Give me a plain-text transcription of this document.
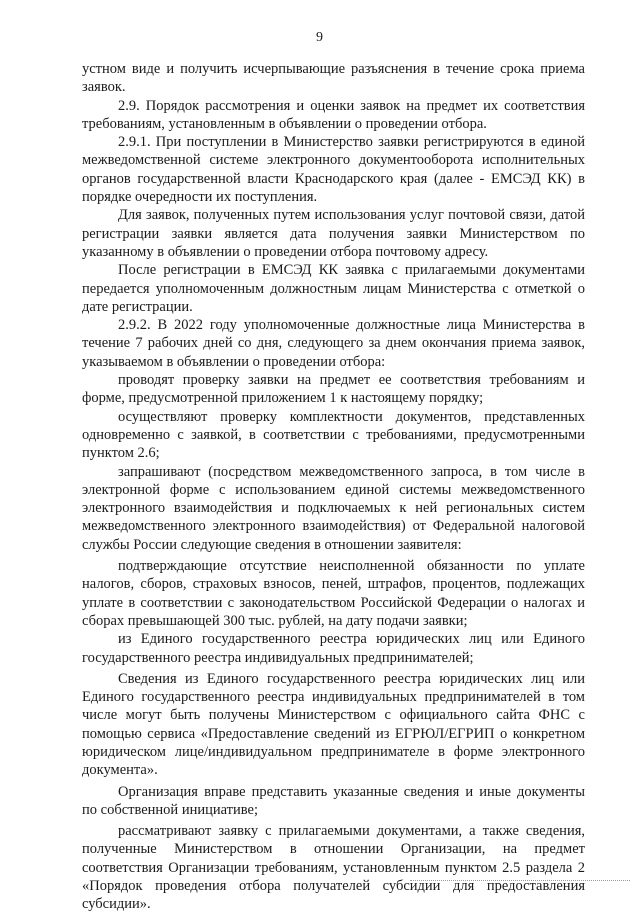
9

устном виде и получить исчерпывающие разъяснения в течение срока приема заявок.

2.9. Порядок рассмотрения и оценки заявок на предмет их соответствия требованиям, установленным в объявлении о проведении отбора.

2.9.1. При поступлении в Министерство заявки регистрируются в единой межведомственной системе электронного документооборота исполнительных органов государственной власти Краснодарского края (далее - ЕМСЭД КК) в порядке очередности их поступления.

Для заявок, полученных путем использования услуг почтовой связи, датой регистрации заявки является дата получения заявки Министерством по указанному в объявлении о проведении отбора почтовому адресу.

После регистрации в ЕМСЭД КК заявка с прилагаемыми документами передается уполномоченным должностным лицам Министерства с отметкой о дате регистрации.

2.9.2. В 2022 году уполномоченные должностные лица Министерства в течение 7 рабочих дней со дня, следующего за днем окончания приема заявок, указываемом в объявлении о проведении отбора:

проводят проверку заявки на предмет ее соответствия требованиям и форме, предусмотренной приложением 1 к настоящему порядку;

осуществляют проверку комплектности документов, представленных одновременно с заявкой, в соответствии с требованиями, предусмотренными пунктом 2.6;

запрашивают (посредством межведомственного запроса, в том числе в электронной форме с использованием единой системы межведомственного электронного взаимодействия и подключаемых к ней региональных систем межведомственного электронного взаимодействия) от Федеральной налоговой службы России следующие сведения в отношении заявителя:

подтверждающие отсутствие неисполненной обязанности по уплате налогов, сборов, страховых взносов, пеней, штрафов, процентов, подлежащих уплате в соответствии с законодательством Российской Федерации о налогах и сборах превышающей 300 тыс. рублей, на дату подачи заявки;

из Единого государственного реестра юридических лиц или Единого государственного реестра индивидуальных предпринимателей;

Сведения из Единого государственного реестра юридических лиц или Единого государственного реестра индивидуальных предпринимателей в том числе могут быть получены Министерством с официального сайта ФНС с помощью сервиса «Предоставление сведений из ЕГРЮЛ/ЕГРИП о конкретном юридическом лице/индивидуальном предпринимателе в форме электронного документа».

Организация вправе представить указанные сведения и иные документы по собственной инициативе;

рассматривают заявку с прилагаемыми документами, а также сведения, полученные Министерством в отношении Организации, на предмет соответствия Организации требованиям, установленным пунктом 2.5 раздела 2 «Порядок проведения отбора получателей субсидии для предоставления субсидии».
